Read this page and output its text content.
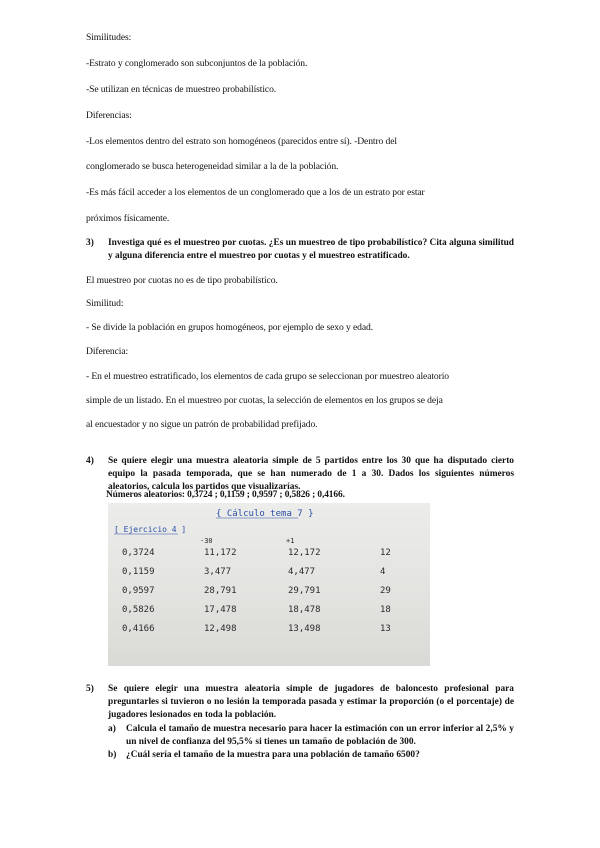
Similitudes:
-Estrato y conglomerado son subconjuntos de la población.
-Se utilizan en técnicas de muestreo probabilístico.
Diferencias:
-Los elementos dentro del estrato son homogéneos (parecidos entre sí). -Dentro del
conglomerado se busca heterogeneidad similar a la de la población.
-Es más fácil acceder a los elementos de un conglomerado que a los de un estrato por estar
próximos físicamente.
3) Investiga qué es el muestreo por cuotas. ¿Es un muestreo de tipo probabilístico? Cita alguna similitud y alguna diferencia entre el muestreo por cuotas y el muestreo estratificado.
El muestreo por cuotas no es de tipo probabilístico.
Similitud:
- Se divide la población en grupos homogéneos, por ejemplo de sexo y edad.
Diferencia:
- En el muestreo estratificado, los elementos de cada grupo se seleccionan por muestreo aleatorio
simple de un listado. En el muestreo por cuotas, la selección de elementos en los grupos se deja
al encuestador y no sigue un patrón de probabilidad prefijado.
4) Se quiere elegir una muestra aleatoria simple de 5 partidos entre los 30 que ha disputado cierto equipo la pasada temporada, que se han numerado de 1 a 30. Dados los siguientes números aleatorios, calcula los partidos que visualizarías.
Números aleatorios: 0,3724 ; 0,1159 ; 0,9597 ; 0,5826 ; 0,4166.
{ Cálculo tema 7 }
[ Ejercicio 4 ]
·30	+1
0,3724
0,1159
0,9597
0,5826
0,4166
11,172
3,477
28,791
17,478
12,498
12,172
4,477
29,791
18,478
13,498
12
4
29
18
13
5) Se quiere elegir una muestra aleatoria simple de jugadores de baloncesto profesional para preguntarles si tuvieron o no lesión la temporada pasada y estimar la proporción (o el porcentaje) de jugadores lesionados en toda la población.
a) Calcula el tamaño de muestra necesario para hacer la estimación con un error inferior al 2,5% y un nivel de confianza del 95,5% si tienes un tamaño de población de 300.
b) ¿Cuál sería el tamaño de la muestra para una población de tamaño 6500?
